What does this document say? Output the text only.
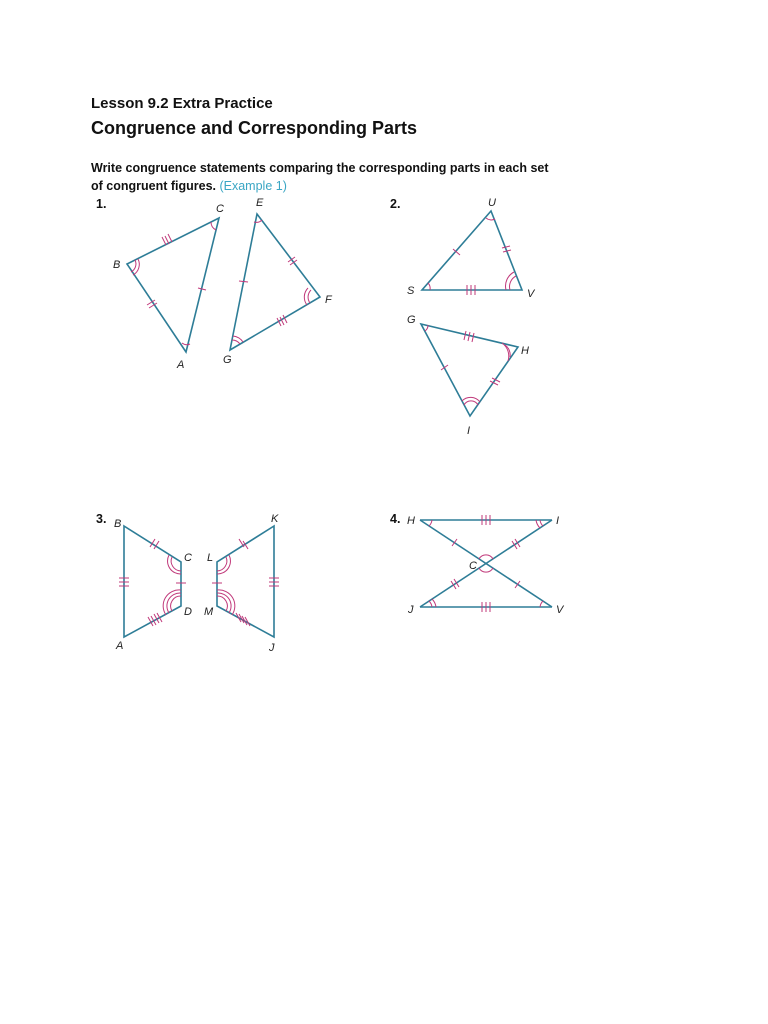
Lesson 9.2 Extra Practice
Congruence and Corresponding Parts
Write congruence statements comparing the corresponding parts in each set of congruent figures. (Example 1)
1.	2.
3.	4.
C	E
B
F
A	G
U
S	V
G
H
I
B	K
C L
D M
A	J
H	I
C
J	V
